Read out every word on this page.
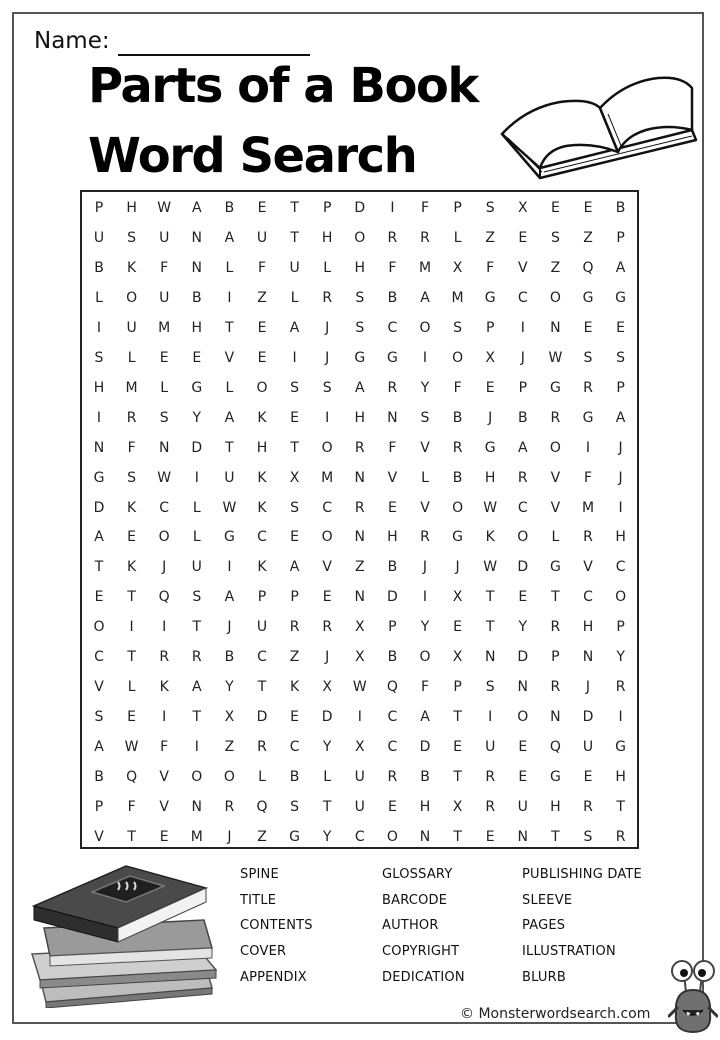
Name:
Parts of a Book
Word Search
P	H	W	A	B	E	T	P	D	I	F	P	S	X	E	E	B
U	S	U	N	A	U	T	H	O	R	R	L	Z	E	S	Z	P
B	K	F	N	L	F	U	L	H	F	M	X	F	V	Z	Q	A
L	O	U	B	I	Z	L	R	S	B	A	M	G	C	O	G	G
I	U	M	H	T	E	A	J	S	C	O	S	P	I	N	E	E
S	L	E	E	V	E	I	J	G	G	I	O	X	J	W	S	S
H	M	L	G	L	O	S	S	A	R	Y	F	E	P	G	R	P
I	R	S	Y	A	K	E	I	H	N	S	B	J	B	R	G	A
N	F	N	D	T	H	T	O	R	F	V	R	G	A	O	I	J
G	S	W	I	U	K	X	M	N	V	L	B	H	R	V	F	J
D	K	C	L	W	K	S	C	R	E	V	O	W	C	V	M	I
A	E	O	L	G	C	E	O	N	H	R	G	K	O	L	R	H
T	K	J	U	I	K	A	V	Z	B	J	J	W	D	G	V	C
E	T	Q	S	A	P	P	E	N	D	I	X	T	E	T	C	O
O	I	I	T	J	U	R	R	X	P	Y	E	T	Y	R	H	P
C	T	R	R	B	C	Z	J	X	B	O	X	N	D	P	N	Y
V	L	K	A	Y	T	K	X	W	Q	F	P	S	N	R	J	R
S	E	I	T	X	D	E	D	I	C	A	T	I	O	N	D	I
A	W	F	I	Z	R	C	Y	X	C	D	E	U	E	Q	U	G
B	Q	V	O	O	L	B	L	U	R	B	T	R	E	G	E	H
P	F	V	N	R	Q	S	T	U	E	H	X	R	U	H	R	T
V	T	E	M	J	Z	G	Y	C	O	N	T	E	N	T	S	R
SPINE
TITLE
CONTENTS
COVER
APPENDIX
GLOSSARY
BARCODE
AUTHOR
COPYRIGHT
DEDICATION
PUBLISHING DATE
SLEEVE
PAGES
ILLUSTRATION
BLURB
© Monsterwordsearch.com
